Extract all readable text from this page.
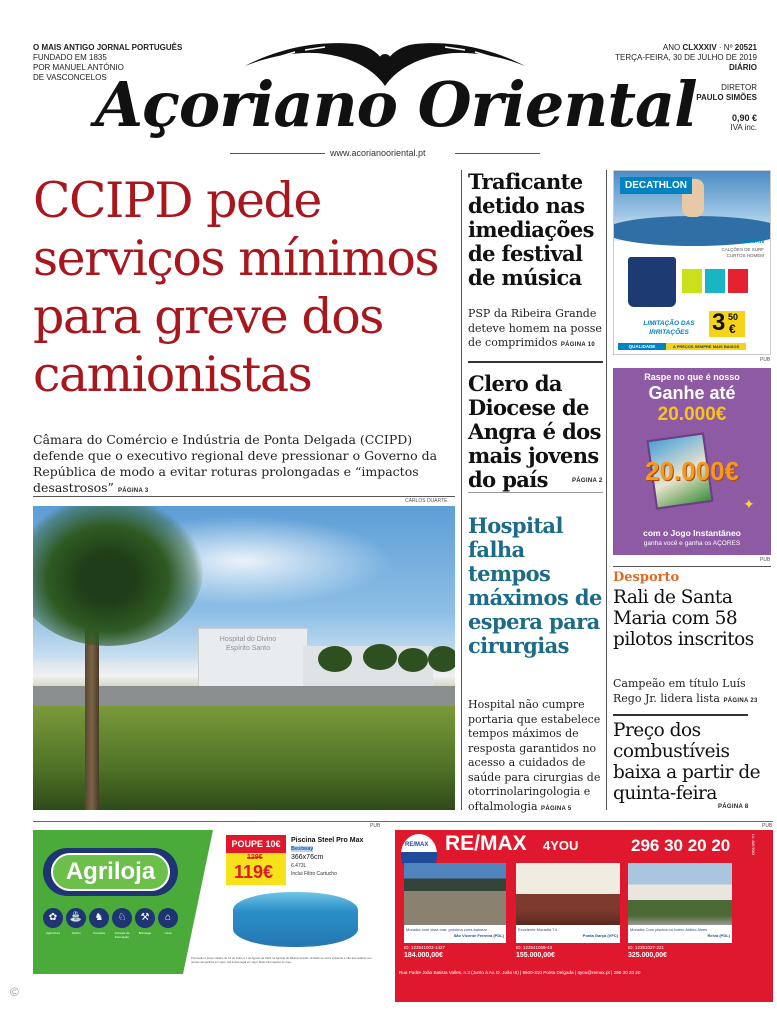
O MAIS ANTIGO JORNAL PORTUGUÊS
FUNDADO EM 1835
POR MANUEL ANTÓNIO
DE VASCONCELOS
Açoriano Oriental
ANO CLXXXIV · Nº 20521
TERÇA-FEIRA, 30 DE JULHO DE 2019
DIÁRIO
DIRETOR
PAULO SIMÕES
0,90 €
IVA inc.
www.acorianooriental.pt
CCIPD pede serviços mínimos para greve dos camionistas
Câmara do Comércio e Indústria de Ponta Delgada (CCIPD) defende que o executivo regional deve pressionar o Governo da República de modo a evitar roturas prolongadas e “impactos desastrosos” PÁGINA 3
CARLOS DUARTE
Hospital do Divino Espírito Santo
Traficante detido nas imediações de festival de música
PSP da Ribeira Grande deteve homem na posse de comprimidos PÁGINA 10
Clero da Diocese de Angra é dos mais jovens do país	PÁGINA 2
Hospital falha tempos máximos de espera para cirurgias
Hospital não cumpre portaria que estabelece tempos máximos de resposta garantidos no acesso a cuidados de saúde para cirurgias de otorrinolaringologia e oftalmologia PÁGINA 5
DECATHLON
OLAIAN
CALÇÕES DE SURF CURTOS HOMEM
LIMITAÇÃO DAS IRRITAÇÕES 3 50
€
QUALIDADE	A PREÇOS SEMPRE MAIS BAIXOS
PUB
Raspe no que é nosso
Ganhe até
20.000€
20.000€
✦
com o Jogo Instantâneo
ganha você e ganha os AÇORES
PUB
Desporto
Rali de Santa Maria com 58 pilotos inscritos
Campeão em título Luís Rego Jr. lidera lista PÁGINA 23
Preço dos combustíveis baixa a partir de quinta-feira
PÁGINA 8
PUB	PUB
Agriloja
✿	⛲	♞	♘	⚒	⌂
Agricultura	Jardim	Pecuária	Animais de Estimação
Bricolage	Casa
POUPE 10€
129€
119€
Piscina Steel Pro Max
Bestway
366x76cm
6.473L
Inclui Filtro Cartucho
Promoção e preço válidos de 12 de Julho a 1 de Agosto de 2019 na Agriloja da Ribeira Grande, limitado ao stock existente e não acumulável com outras campanhas em vigor. IVA à taxa legal em vigor. Mais informações em loja.
RE/MAX RE/MAX 4YOU	296 30 20 20	Lic. AMI 9083
Moradia com vista mar, próxima zona balnear
São Vicente Ferreira (PDL)
ID: 123541003-1427
184.000,00€
Excelente Moradia T4
Ponta Garça (VFC)
ID: 123541069-43
155.000,00€
Moradia Com piscina no bairro Aldino Alves
Relva (PDL)
ID: 12351027-221
325.000,00€
Rua Padre João Batista Valles, n.3 (Junto à Av. D. João III) | 9500-310 Ponta Delgada | 4you@remax.pt | 296 30 20 20
©
